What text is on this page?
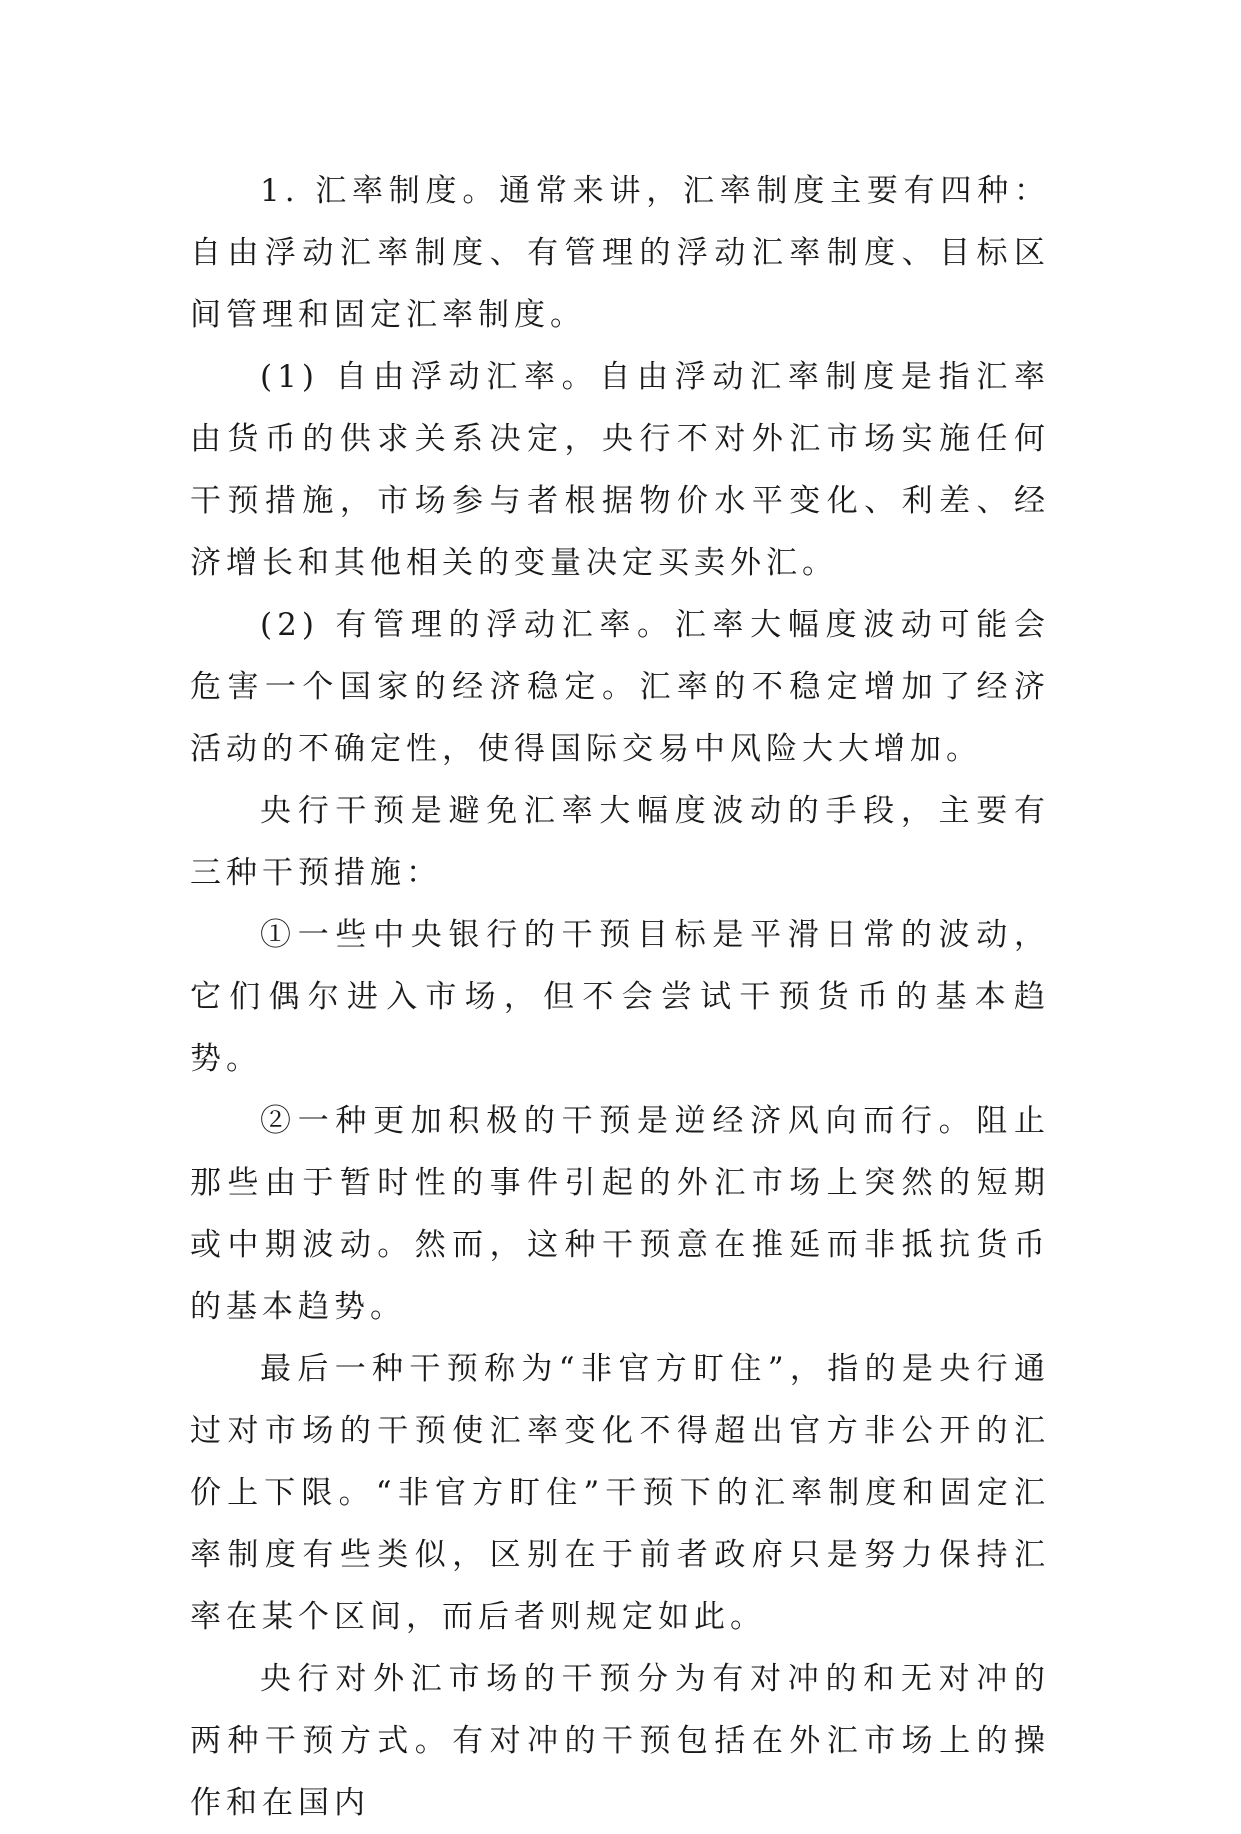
1. 汇率制度。通常来讲，汇率制度主要有四种：自由浮动汇率制度、有管理的浮动汇率制度、目标区间管理和固定汇率制度。

(1) 自由浮动汇率。自由浮动汇率制度是指汇率由货币的供求关系决定，央行不对外汇市场实施任何干预措施，市场参与者根据物价水平变化、利差、经济增长和其他相关的变量决定买卖外汇。

(2) 有管理的浮动汇率。汇率大幅度波动可能会危害一个国家的经济稳定。汇率的不稳定增加了经济活动的不确定性，使得国际交易中风险大大增加。

央行干预是避免汇率大幅度波动的手段，主要有三种干预措施：

①一些中央银行的干预目标是平滑日常的波动，它们偶尔进入市场，但不会尝试干预货币的基本趋势。

②一种更加积极的干预是逆经济风向而行。阻止那些由于暂时性的事件引起的外汇市场上突然的短期或中期波动。然而，这种干预意在推延而非抵抗货币的基本趋势。

最后一种干预称为“非官方盯住”，指的是央行通过对市场的干预使汇率变化不得超出官方非公开的汇价上下限。“非官方盯住”干预下的汇率制度和固定汇率制度有些类似，区别在于前者政府只是努力保持汇率在某个区间，而后者则规定如此。

央行对外汇市场的干预分为有对冲的和无对冲的两种干预方式。有对冲的干预包括在外汇市场上的操作和在国内
